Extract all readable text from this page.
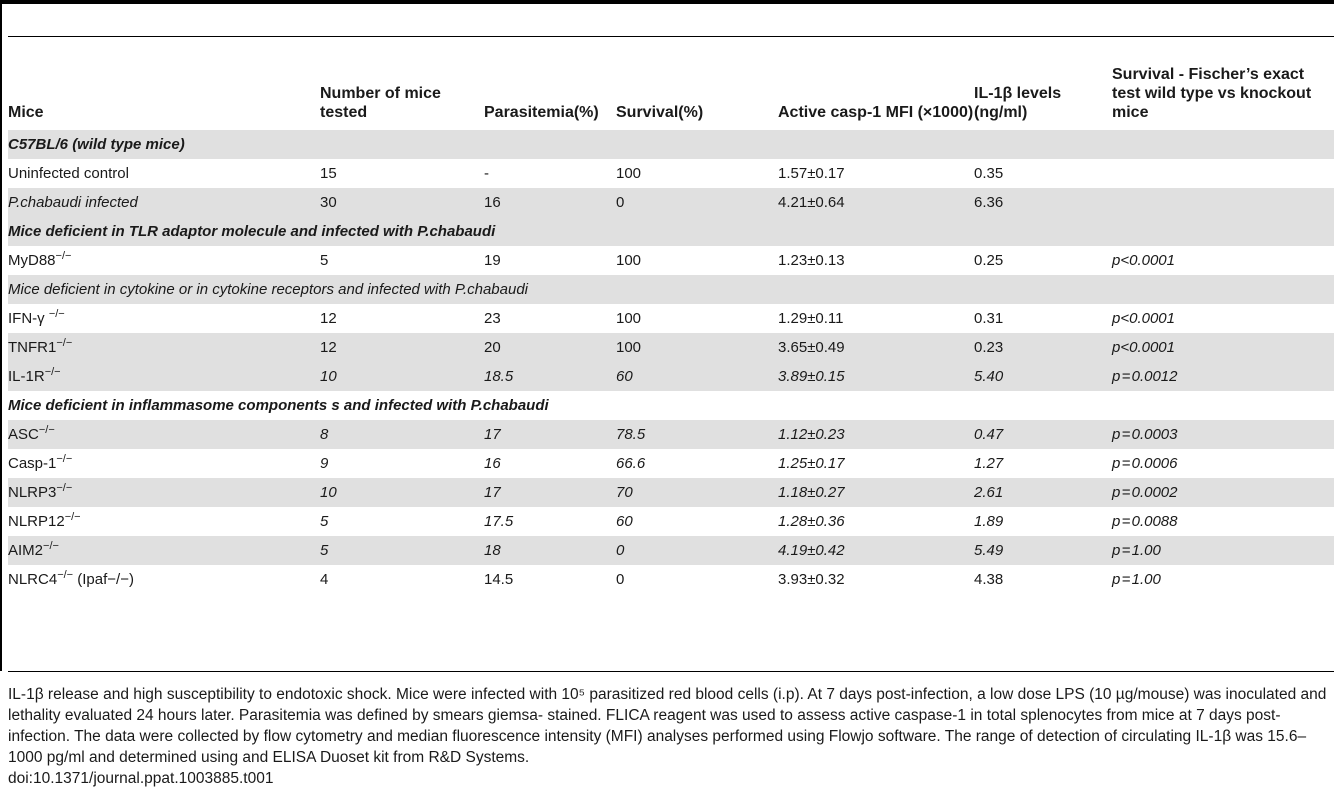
Mice	Number of mice tested	Parasitemia(%)	Survival(%)	Active casp-1 MFI (×1000)	IL-1β levels (ng/ml)	Survival - Fischer’s exact test wild type vs knockout mice
C57BL/6 (wild type mice)						
Uninfected control	15	-	100	1.57±0.17	0.35	
P.chabaudi infected	30	16	0	4.21±0.64	6.36	
Mice deficient in TLR adaptor molecule and infected with P.chabaudi						
MyD88−/−	5	19	100	1.23±0.13	0.25	p<0.0001
Mice deficient in cytokine or in cytokine receptors and infected with P.chabaudi						
IFN-γ −/−	12	23	100	1.29±0.11	0.31	p<0.0001
TNFR1−/−	12	20	100	3.65±0.49	0.23	p<0.0001
IL-1R−/−	10	18.5	60	3.89±0.15	5.40	p = 0.0012
Mice deficient in inflammasome components s and infected with P.chabaudi						
ASC−/−	8	17	78.5	1.12±0.23	0.47	p = 0.0003
Casp-1−/−	9	16	66.6	1.25±0.17	1.27	p = 0.0006
NLRP3−/−	10	17	70	1.18±0.27	2.61	p = 0.0002
NLRP12−/−	5	17.5	60	1.28±0.36	1.89	p = 0.0088
AIM2−/−	5	18	0	4.19±0.42	5.49	p = 1.00
NLRC4−/− (Ipaf−/−)	4	14.5	0	3.93±0.32	4.38	p = 1.00

IL-1β release and high susceptibility to endotoxic shock. Mice were infected with 10⁵ parasitized red blood cells (i.p). At 7 days post-infection, a low dose LPS (10 µg/mouse) was inoculated and lethality evaluated 24 hours later. Parasitemia was defined by smears giemsa- stained. FLICA reagent was used to assess active caspase-1 in total splenocytes from mice at 7 days post-infection. The data were collected by flow cytometry and median fluorescence intensity (MFI) analyses performed using Flowjo software. The range of detection of circulating IL-1β was 15.6–1000 pg/ml and determined using and ELISA Duoset kit from R&D Systems.

doi:10.1371/journal.ppat.1003885.t001
